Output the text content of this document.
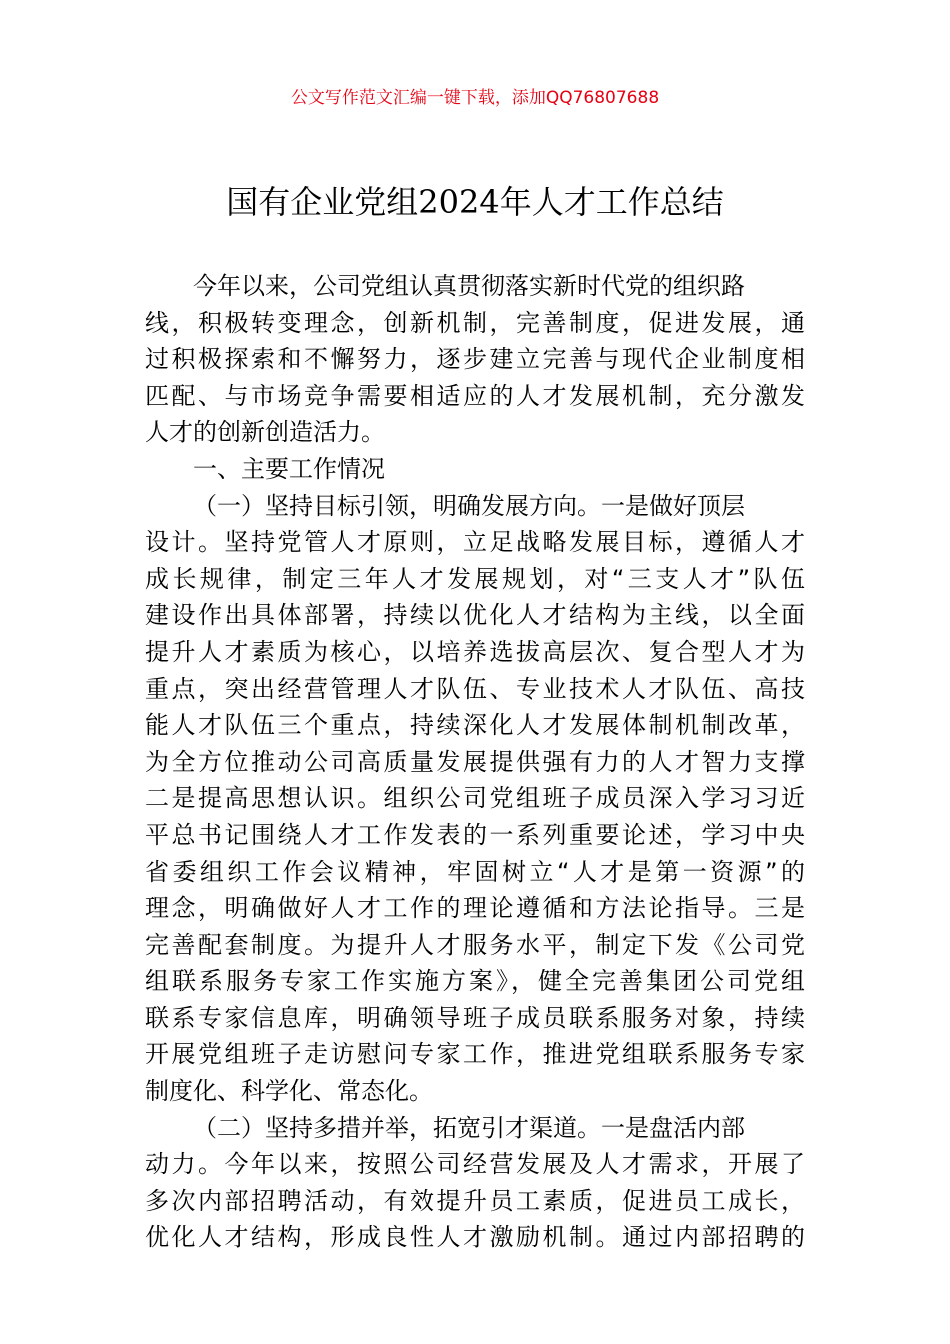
公文写作范文汇编一键下载，添加QQ76807688
国有企业党组2024年人才工作总结
今年以来，公司党组认真贯彻落实新时代党的组织路
线，积极转变理念，创新机制，完善制度，促进发展，通
过积极探索和不懈努力，逐步建立完善与现代企业制度相
匹配、与市场竞争需要相适应的人才发展机制，充分激发
人才的创新创造活力。
一、主要工作情况
（一）坚持目标引领，明确发展方向。一是做好顶层
设计。坚持党管人才原则，立足战略发展目标，遵循人才
成长规律，制定三年人才发展规划，对“三支人才”队伍
建设作出具体部署，持续以优化人才结构为主线，以全面
提升人才素质为核心，以培养选拔高层次、复合型人才为
重点，突出经营管理人才队伍、专业技术人才队伍、高技
能人才队伍三个重点，持续深化人才发展体制机制改革，
为全方位推动公司高质量发展提供强有力的人才智力支撑
二是提高思想认识。组织公司党组班子成员深入学习习近
平总书记围绕人才工作发表的一系列重要论述，学习中央
省委组织工作会议精神，牢固树立“人才是第一资源”的
理念，明确做好人才工作的理论遵循和方法论指导。三是
完善配套制度。为提升人才服务水平，制定下发《公司党
组联系服务专家工作实施方案》，健全完善集团公司党组
联系专家信息库，明确领导班子成员联系服务对象，持续
开展党组班子走访慰问专家工作，推进党组联系服务专家
制度化、科学化、常态化。
（二）坚持多措并举，拓宽引才渠道。一是盘活内部
动力。今年以来，按照公司经营发展及人才需求，开展了
多次内部招聘活动，有效提升员工素质，促进员工成长，
优化人才结构，形成良性人才激励机制。通过内部招聘的
